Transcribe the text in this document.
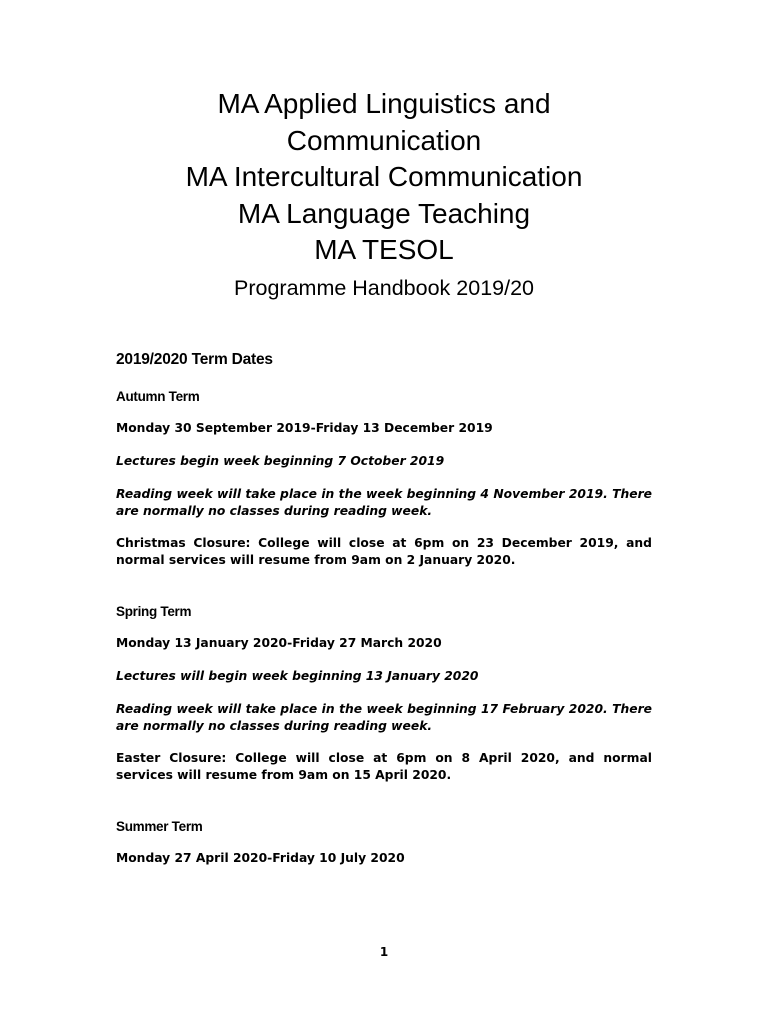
MA Applied Linguistics and

Communication

MA Intercultural Communication

MA Language Teaching

MA TESOL

Programme Handbook 2019/20

2019/2020 Term Dates

Autumn Term

Monday 30 September 2019-Friday 13 December 2019

Lectures begin week beginning 7 October 2019

Reading week will take place in the week beginning 4 November 2019. There are normally no classes during reading week.

Christmas Closure: College will close at 6pm on 23 December 2019, and normal services will resume from 9am on 2 January 2020.

Spring Term

Monday 13 January 2020-Friday 27 March 2020

Lectures will begin week beginning 13 January 2020

Reading week will take place in the week beginning 17 February 2020. There are normally no classes during reading week.

Easter Closure: College will close at 6pm on 8 April 2020, and normal services will resume from 9am on 15 April 2020.

Summer Term

Monday 27 April 2020-Friday 10 July 2020

1
